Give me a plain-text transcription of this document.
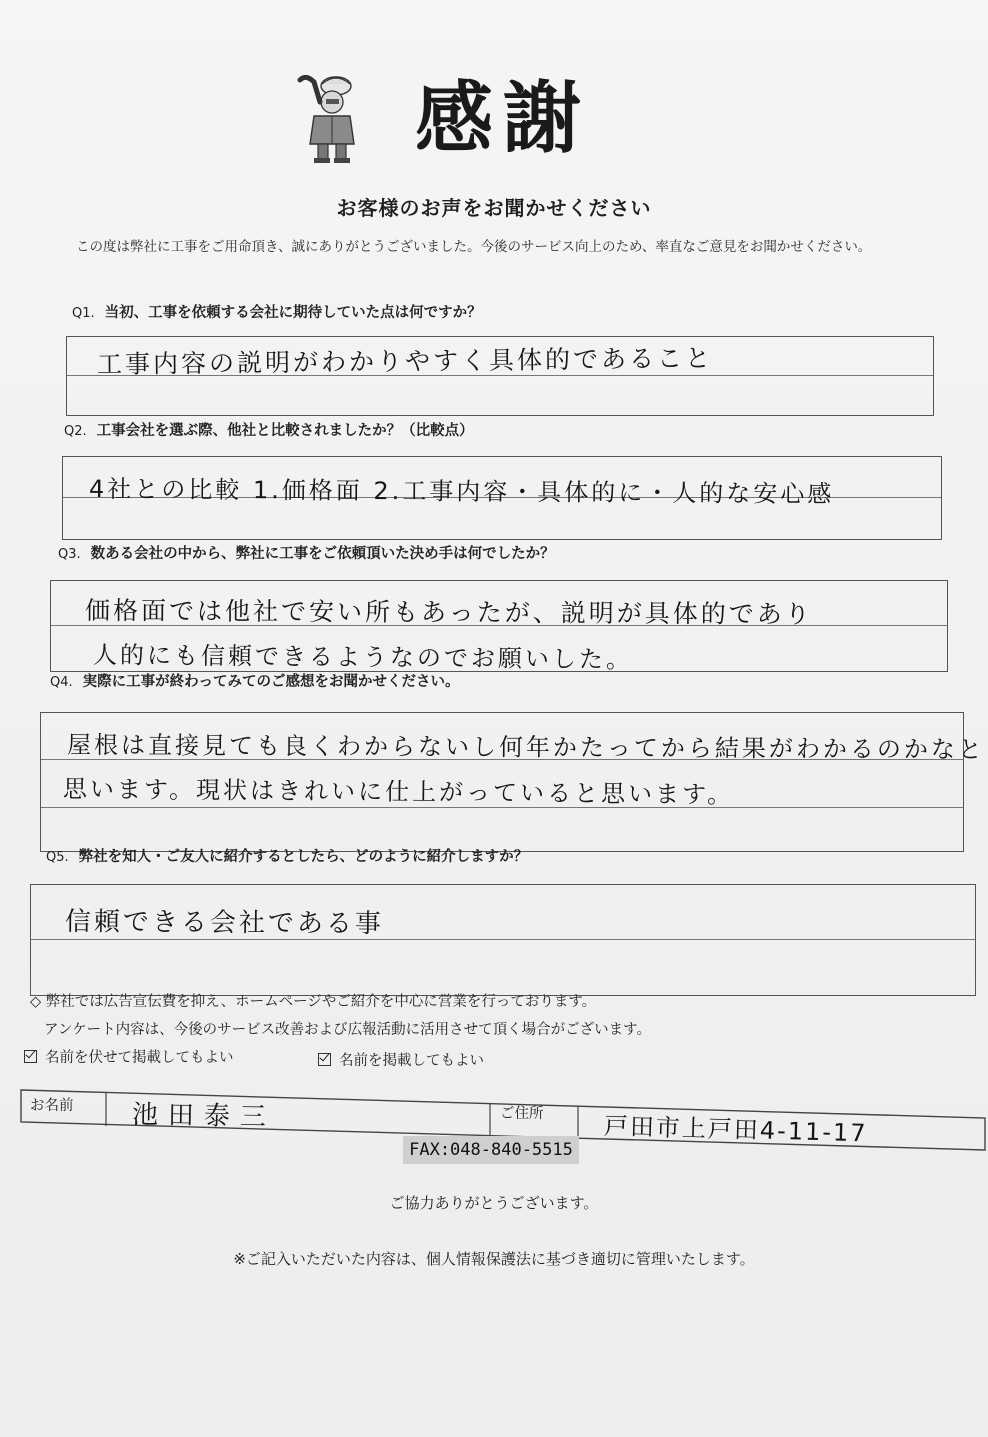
感謝
お客様のお声をお聞かせください
この度は弊社に工事をご用命頂き、誠にありがとうございました。今後のサービス向上のため、率直なご意見をお聞かせください。
Q1. 当初、工事を依頼する会社に期待していた点は何ですか？
工事内容の説明がわかりやすく具体的であること
Q2. 工事会社を選ぶ際、他社と比較されましたか？（比較点）
4社との比較 1.価格面 2.工事内容・具体的に・人的な安心感
Q3. 数ある会社の中から、弊社に工事をご依頼頂いた決め手は何でしたか？
価格面では他社で安い所もあったが、説明が具体的であり
人的にも信頼できるようなのでお願いした。
Q4. 実際に工事が終わってみてのご感想をお聞かせください。
屋根は直接見ても良くわからないし何年かたってから結果がわかるのかなと
思います。現状はきれいに仕上がっていると思います。
Q5. 弊社を知人・ご友人に紹介するとしたら、どのように紹介しますか？
信頼できる会社である事
◇ 弊社では広告宣伝費を抑え、ホームページやご紹介を中心に営業を行っております。
アンケート内容は、今後のサービス改善および広報活動に活用させて頂く場合がございます。
名前を伏せて掲載してもよい	名前を掲載してもよい
お名前 池田泰三	ご住所	戸田市上戸田4-11-17
FAX:048-840-5515
ご協力ありがとうございます。
※ご記入いただいた内容は、個人情報保護法に基づき適切に管理いたします。
